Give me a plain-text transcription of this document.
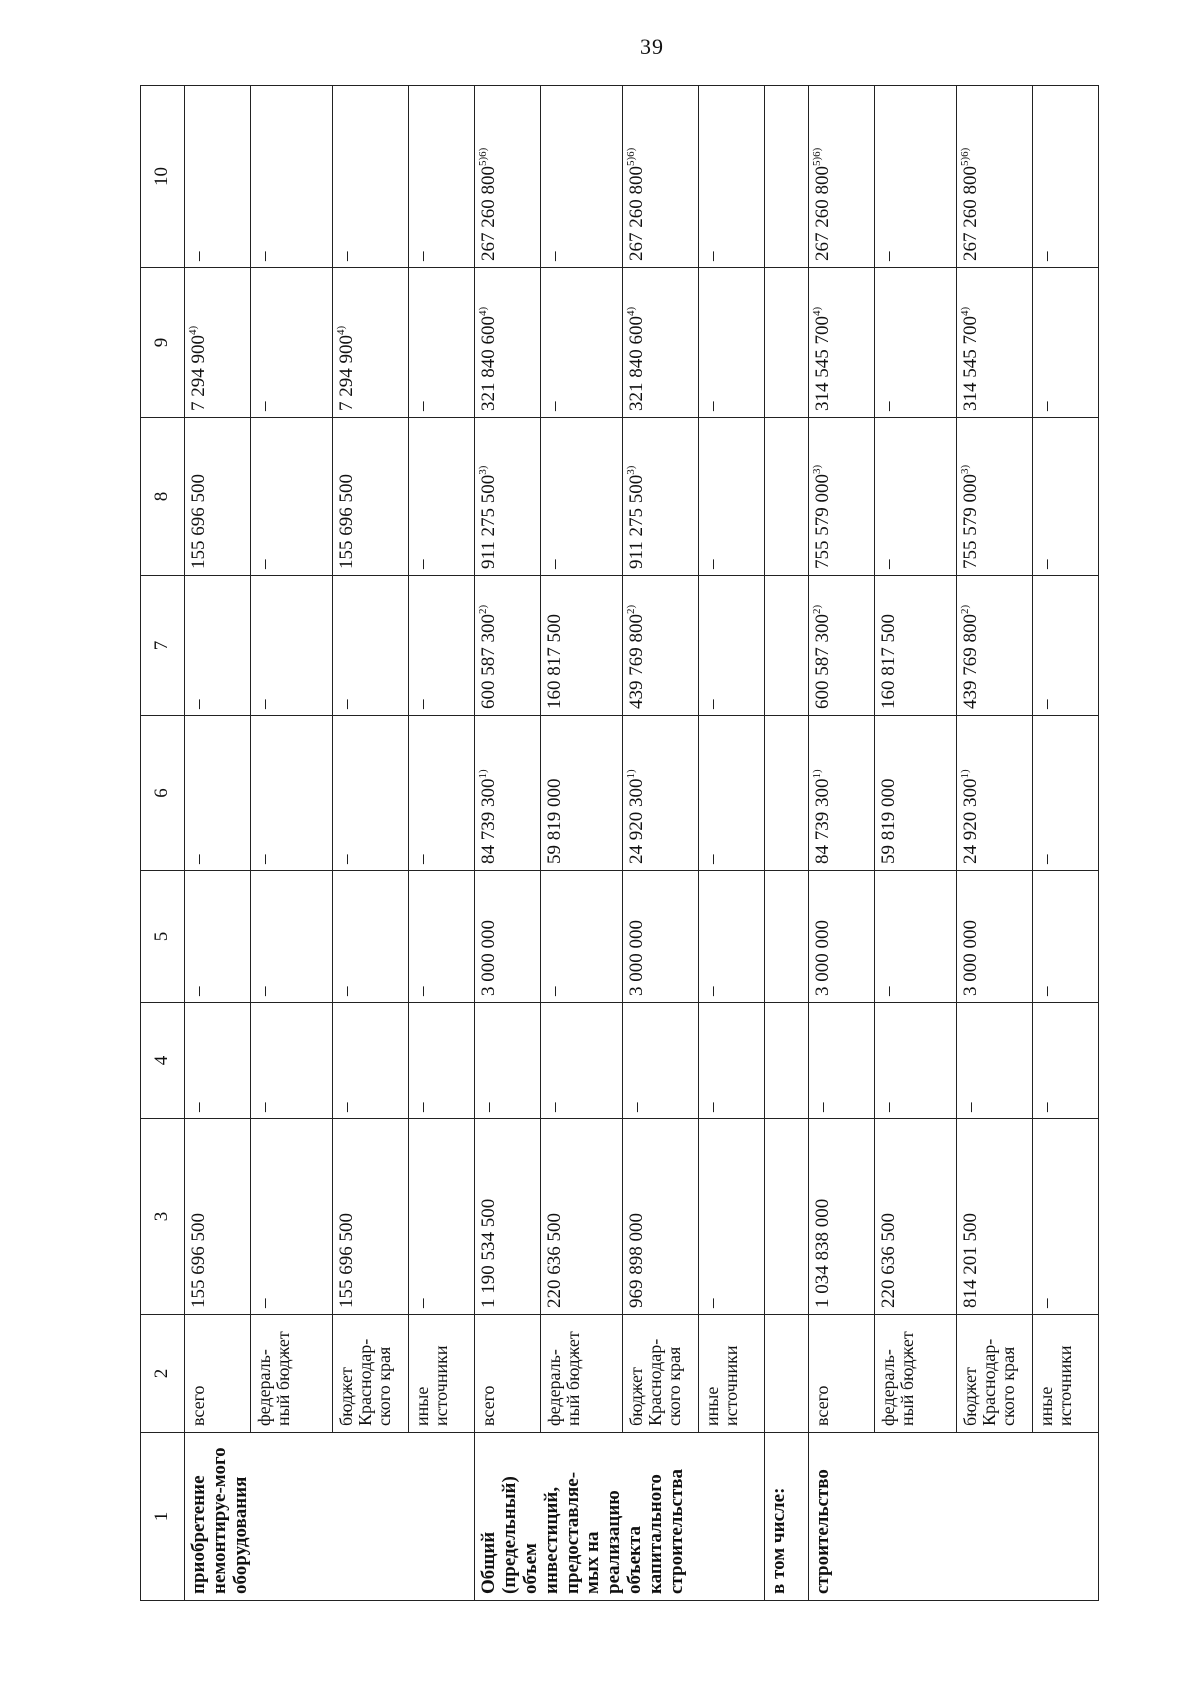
39
1	2	3	4	5	6	7	8	9	10
приобретение немонтируе-мого оборудования	всего	155 696 500	–	–	–	–	155 696 500	7 294 900$^{4)}$	–
	федераль-ный бюджет	–	–	–	–	–	–	–	–
	бюджет Краснодар-ского края	155 696 500	–	–	–	–	155 696 500	7 294 900$^{4)}$	–
	иные источники	–	–	–	–	–	–	–	–
Общий (предельный) объем инвестиций, предоставляе-мых на реализацию объекта капитального строительства	всего	1 190 534 500	–	3 000 000	84 739 300$^{1)}$	600 587 300$^{2)}$	911 275 500$^{3)}$	321 840 600$^{4)}$	267 260 $800^{5)6)}$
	федераль-ный бюджет	220 636 500	–	–	59 819 000	160 817 500	–	–	–
	бюджет Краснодар-ского края	969 898 000	–	3 000 000	24 920 300$^{1)}$	439 769 800$^{2)}$	911 275 500$^{3)}$	321 840 600$^{4)}$	267 260 $800^{5)6)}$
	иные источники	–	–	–	–	–	–	–	–
в том числе:									
строительство	всего	1 034 838 000	–	3 000 000	84 739 300$^{1)}$	600 587 300$^{2)}$	755 579 000$^{3)}$	314 545 700$^{4)}$	267 260 $800^{5)6)}$
	федераль-ный бюджет	220 636 500	–	–	59 819 000	160 817 500	–	–	–
	бюджет Краснодар-ского края	814 201 500	–	3 000 000	24 920 300$^{1)}$	439 769 800$^{2)}$	755 579 000$^{3)}$	314 545 700$^{4)}$	267 260 $800^{5)6)}$
	иные источники	–	–	–	–	–	–	–	–
